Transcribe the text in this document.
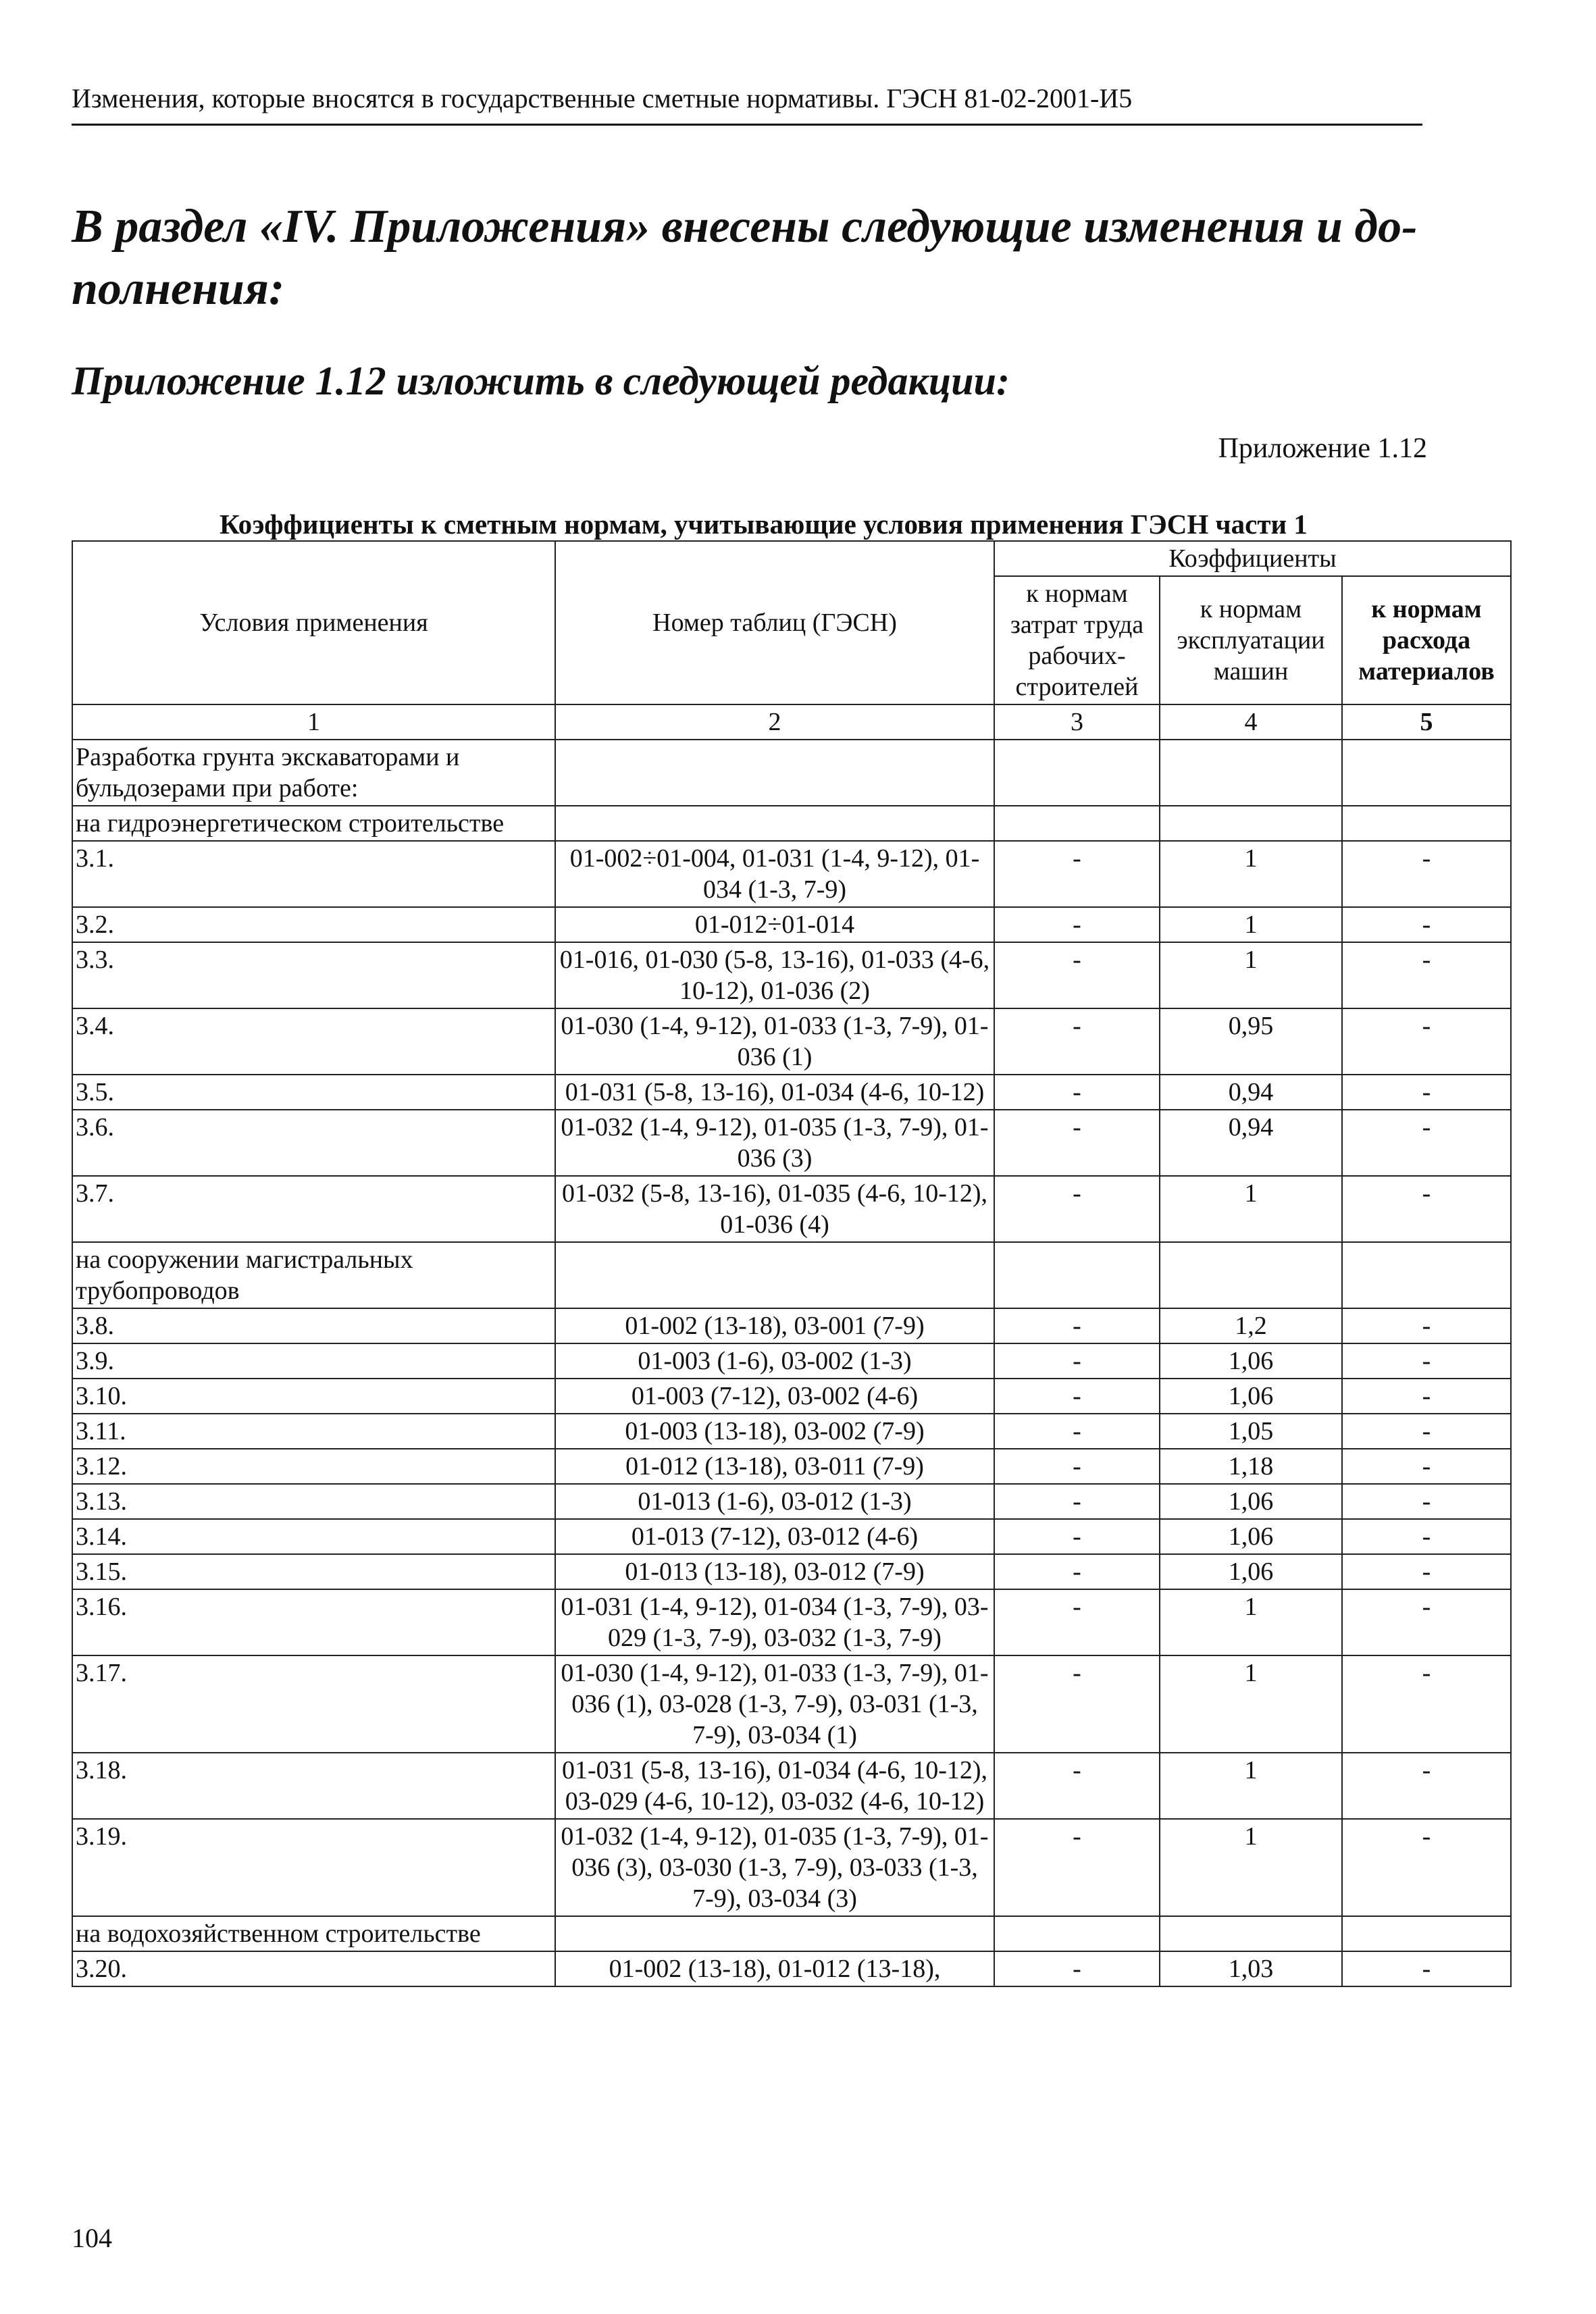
Изменения, которые вносятся в государственные сметные нормативы. ГЭСН 81-02-2001-И5
В раздел «IV. Приложения» внесены следующие изменения и до-полнения:
Приложение 1.12 изложить в следующей редакции:
Приложение 1.12
Коэффициенты к сметным нормам, учитывающие условия применения ГЭСН части 1
Условия применения	Номер таблиц (ГЭСН)	Коэффициенты		
		к нормам затрат труда рабочих-строителей	к нормам эксплуатации машин	к нормам расхода материалов
1	2	3	4	5
Разработка грунта экскаваторами и бульдозерами при работе:				
на гидроэнергетическом строительстве				
3.1.	01-002÷01-004, 01-031 (1-4, 9-12), 01-034 (1-3, 7-9)	-	1	-
3.2.	01-012÷01-014	-	1	-
3.3.	01-016, 01-030 (5-8, 13-16), 01-033 (4-6, 10-12), 01-036 (2)	-	1	-
3.4.	01-030 (1-4, 9-12), 01-033 (1-3, 7-9), 01-036 (1)	-	0,95	-
3.5.	01-031 (5-8, 13-16), 01-034 (4-6, 10-12)	-	0,94	-
3.6.	01-032 (1-4, 9-12), 01-035 (1-3, 7-9), 01-036 (3)	-	0,94	-
3.7.	01-032 (5-8, 13-16), 01-035 (4-6, 10-12), 01-036 (4)	-	1	-
на сооружении магистральных трубопроводов				
3.8.	01-002 (13-18), 03-001 (7-9)	-	1,2	-
3.9.	01-003 (1-6), 03-002 (1-3)	-	1,06	-
3.10.	01-003 (7-12), 03-002 (4-6)	-	1,06	-
3.11.	01-003 (13-18), 03-002 (7-9)	-	1,05	-
3.12.	01-012 (13-18), 03-011 (7-9)	-	1,18	-
3.13.	01-013 (1-6), 03-012 (1-3)	-	1,06	-
3.14.	01-013 (7-12), 03-012 (4-6)	-	1,06	-
3.15.	01-013 (13-18), 03-012 (7-9)	-	1,06	-
3.16.	01-031 (1-4, 9-12), 01-034 (1-3, 7-9), 03-029 (1-3, 7-9), 03-032 (1-3, 7-9)	-	1	-
3.17.	01-030 (1-4, 9-12), 01-033 (1-3, 7-9), 01-036 (1), 03-028 (1-3, 7-9), 03-031 (1-3, 7-9), 03-034 (1)	-	1	-
3.18.	01-031 (5-8, 13-16), 01-034 (4-6, 10-12), 03-029 (4-6, 10-12), 03-032 (4-6, 10-12)	-	1	-
3.19.	01-032 (1-4, 9-12), 01-035 (1-3, 7-9), 01-036 (3), 03-030 (1-3, 7-9), 03-033 (1-3, 7-9), 03-034 (3)	-	1	-
на водохозяйственном строительстве				
3.20.	01-002 (13-18), 01-012 (13-18),	-	1,03	-
104
